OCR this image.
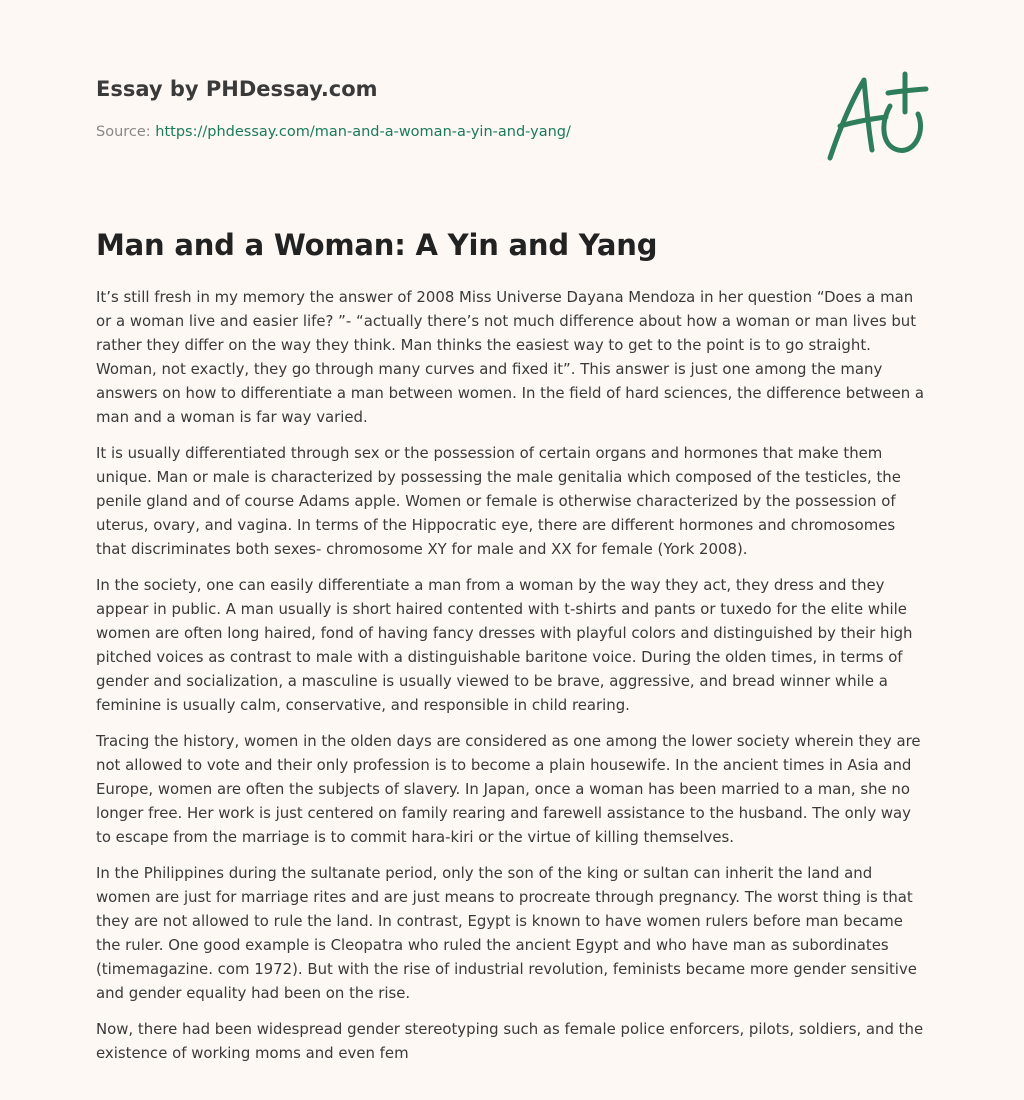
Essay by PHDessay.com
Source: https://phdessay.com/man-and-a-woman-a-yin-and-yang/
Man and a Woman: A Yin and Yang

It’s still fresh in my memory the answer of 2008 Miss Universe Dayana Mendoza in her question “Does a man or a woman live and easier life? ”- “actually there’s not much difference about how a woman or man lives but rather they differ on the way they think. Man thinks the easiest way to get to the point is to go straight. Woman, not exactly, they go through many curves and fixed it”. This answer is just one among the many answers on how to differentiate a man between women. In the field of hard sciences, the difference between a man and a woman is far way varied.

It is usually differentiated through sex or the possession of certain organs and hormones that make them unique. Man or male is characterized by possessing the male genitalia which composed of the testicles, the penile gland and of course Adams apple. Women or female is otherwise characterized by the possession of uterus, ovary, and vagina. In terms of the Hippocratic eye, there are different hormones and chromosomes that discriminates both sexes- chromosome XY for male and XX for female (York 2008).

In the society, one can easily differentiate a man from a woman by the way they act, they dress and they appear in public. A man usually is short haired contented with t-shirts and pants or tuxedo for the elite while women are often long haired, fond of having fancy dresses with playful colors and distinguished by their high pitched voices as contrast to male with a distinguishable baritone voice. During the olden times, in terms of gender and socialization, a masculine is usually viewed to be brave, aggressive, and bread winner while a feminine is usually calm, conservative, and responsible in child rearing.

Tracing the history, women in the olden days are considered as one among the lower society wherein they are not allowed to vote and their only profession is to become a plain housewife. In the ancient times in Asia and Europe, women are often the subjects of slavery. In Japan, once a woman has been married to a man, she no longer free. Her work is just centered on family rearing and farewell assistance to the husband. The only way to escape from the marriage is to commit hara-kiri or the virtue of killing themselves.

In the Philippines during the sultanate period, only the son of the king or sultan can inherit the land and women are just for marriage rites and are just means to procreate through pregnancy. The worst thing is that they are not allowed to rule the land. In contrast, Egypt is known to have women rulers before man became the ruler. One good example is Cleopatra who ruled the ancient Egypt and who have man as subordinates (timemagazine. com 1972). But with the rise of industrial revolution, feminists became more gender sensitive and gender equality had been on the rise.

Now, there had been widespread gender stereotyping such as female police enforcers, pilots, soldiers, and the existence of working moms and even fem
